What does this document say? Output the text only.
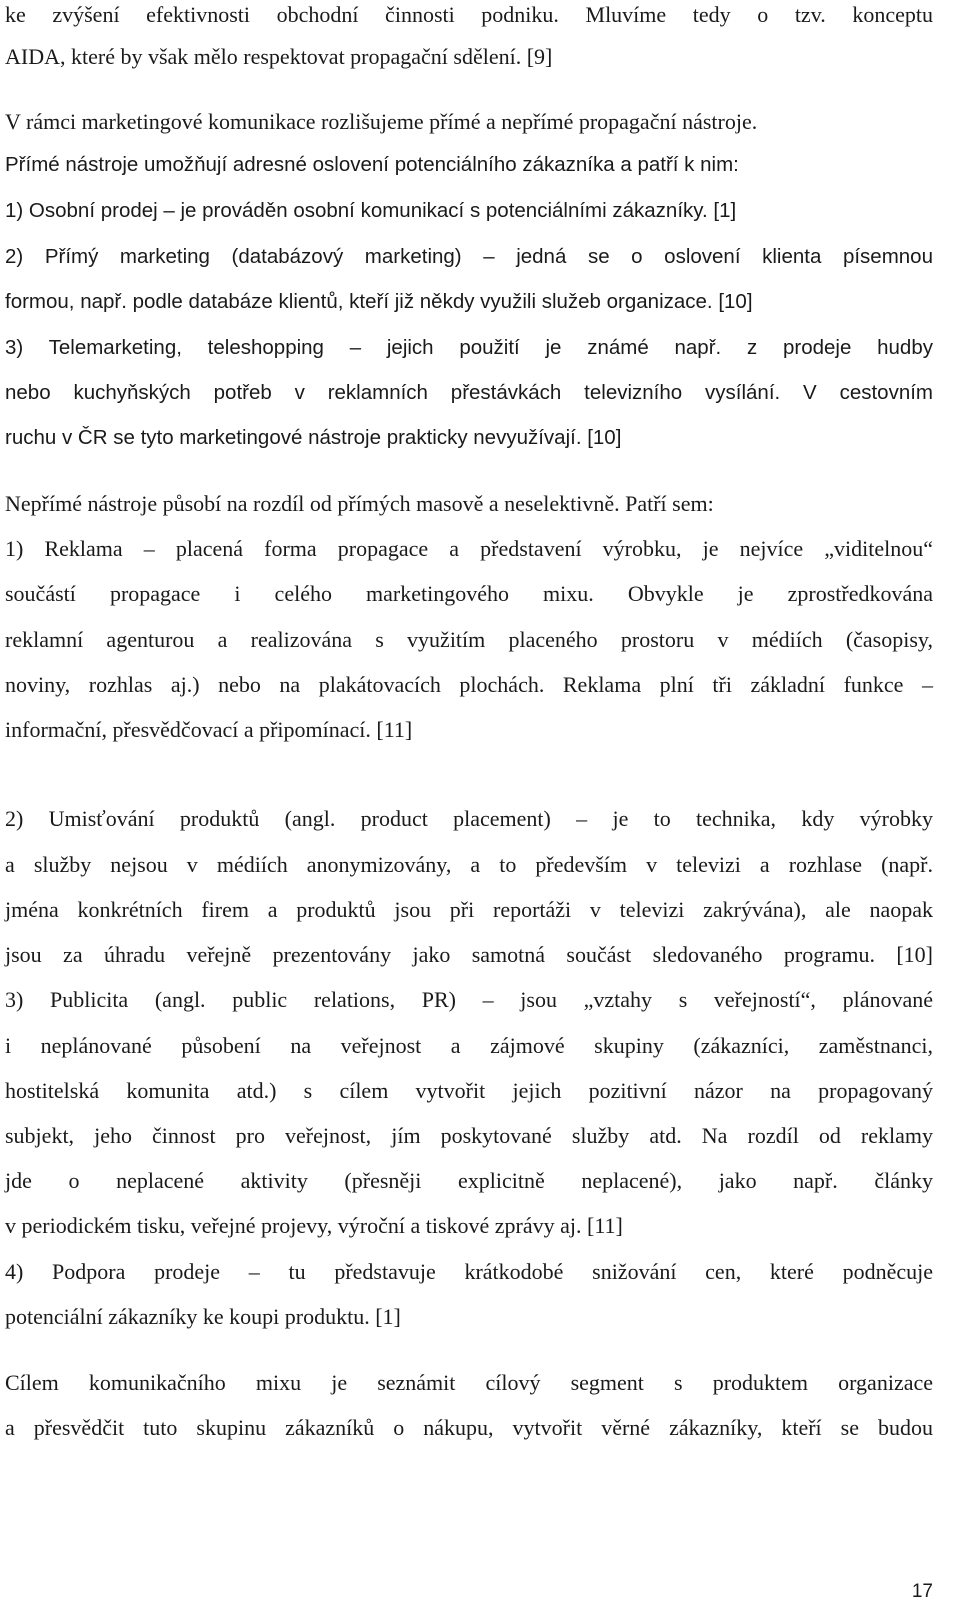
ke zvýšení efektivnosti obchodní činnosti podniku. Mluvíme tedy o tzv. konceptu
AIDA, které by však mělo respektovat propagační sdělení. [9]
V rámci marketingové komunikace rozlišujeme přímé a nepřímé propagační nástroje.
Přímé nástroje umožňují adresné oslovení potenciálního zákazníka a patří k nim:
1) Osobní prodej – je prováděn osobní komunikací s potenciálními zákazníky. [1]
2) Přímý marketing (databázový marketing) – jedná se o oslovení klienta písemnou
formou, např. podle databáze klientů, kteří již někdy využili služeb organizace. [10]
3) Telemarketing, teleshopping – jejich použití je známé např. z prodeje hudby
nebo kuchyňských potřeb v reklamních přestávkách televizního vysílání. V cestovním
ruchu v ČR se tyto marketingové nástroje prakticky nevyužívají. [10]
Nepřímé nástroje působí na rozdíl od přímých masově a neselektivně. Patří sem:
1) Reklama – placená forma propagace a představení výrobku, je nejvíce „viditelnou“
součástí propagace i celého marketingového mixu. Obvykle je zprostředkována
reklamní agenturou a realizována s využitím placeného prostoru v médiích (časopisy,
noviny, rozhlas aj.) nebo na plakátovacích plochách. Reklama plní tři základní funkce –
informační, přesvědčovací a připomínací. [11]
2) Umisťování produktů (angl. product placement) – je to technika, kdy výrobky
a služby nejsou v médiích anonymizovány, a to především v televizi a rozhlase (např.
jména konkrétních firem a produktů jsou při reportáži v televizi zakrývána), ale naopak
jsou za úhradu veřejně prezentovány jako samotná součást sledovaného programu. [10]
3) Publicita (angl. public relations, PR) – jsou „vztahy s veřejností“, plánované
i neplánované působení na veřejnost a zájmové skupiny (zákazníci, zaměstnanci,
hostitelská komunita atd.) s cílem vytvořit jejich pozitivní názor na propagovaný
subjekt, jeho činnost pro veřejnost, jím poskytované služby atd. Na rozdíl od reklamy
jde o neplacené aktivity (přesněji explicitně neplacené), jako např. články
v periodickém tisku, veřejné projevy, výroční a tiskové zprávy aj. [11]
4) Podpora prodeje – tu představuje krátkodobé snižování cen, které podněcuje
potenciální zákazníky ke koupi produktu. [1]
Cílem komunikačního mixu je seznámit cílový segment s produktem organizace
a přesvědčit tuto skupinu zákazníků o nákupu, vytvořit věrné zákazníky, kteří se budou
17
